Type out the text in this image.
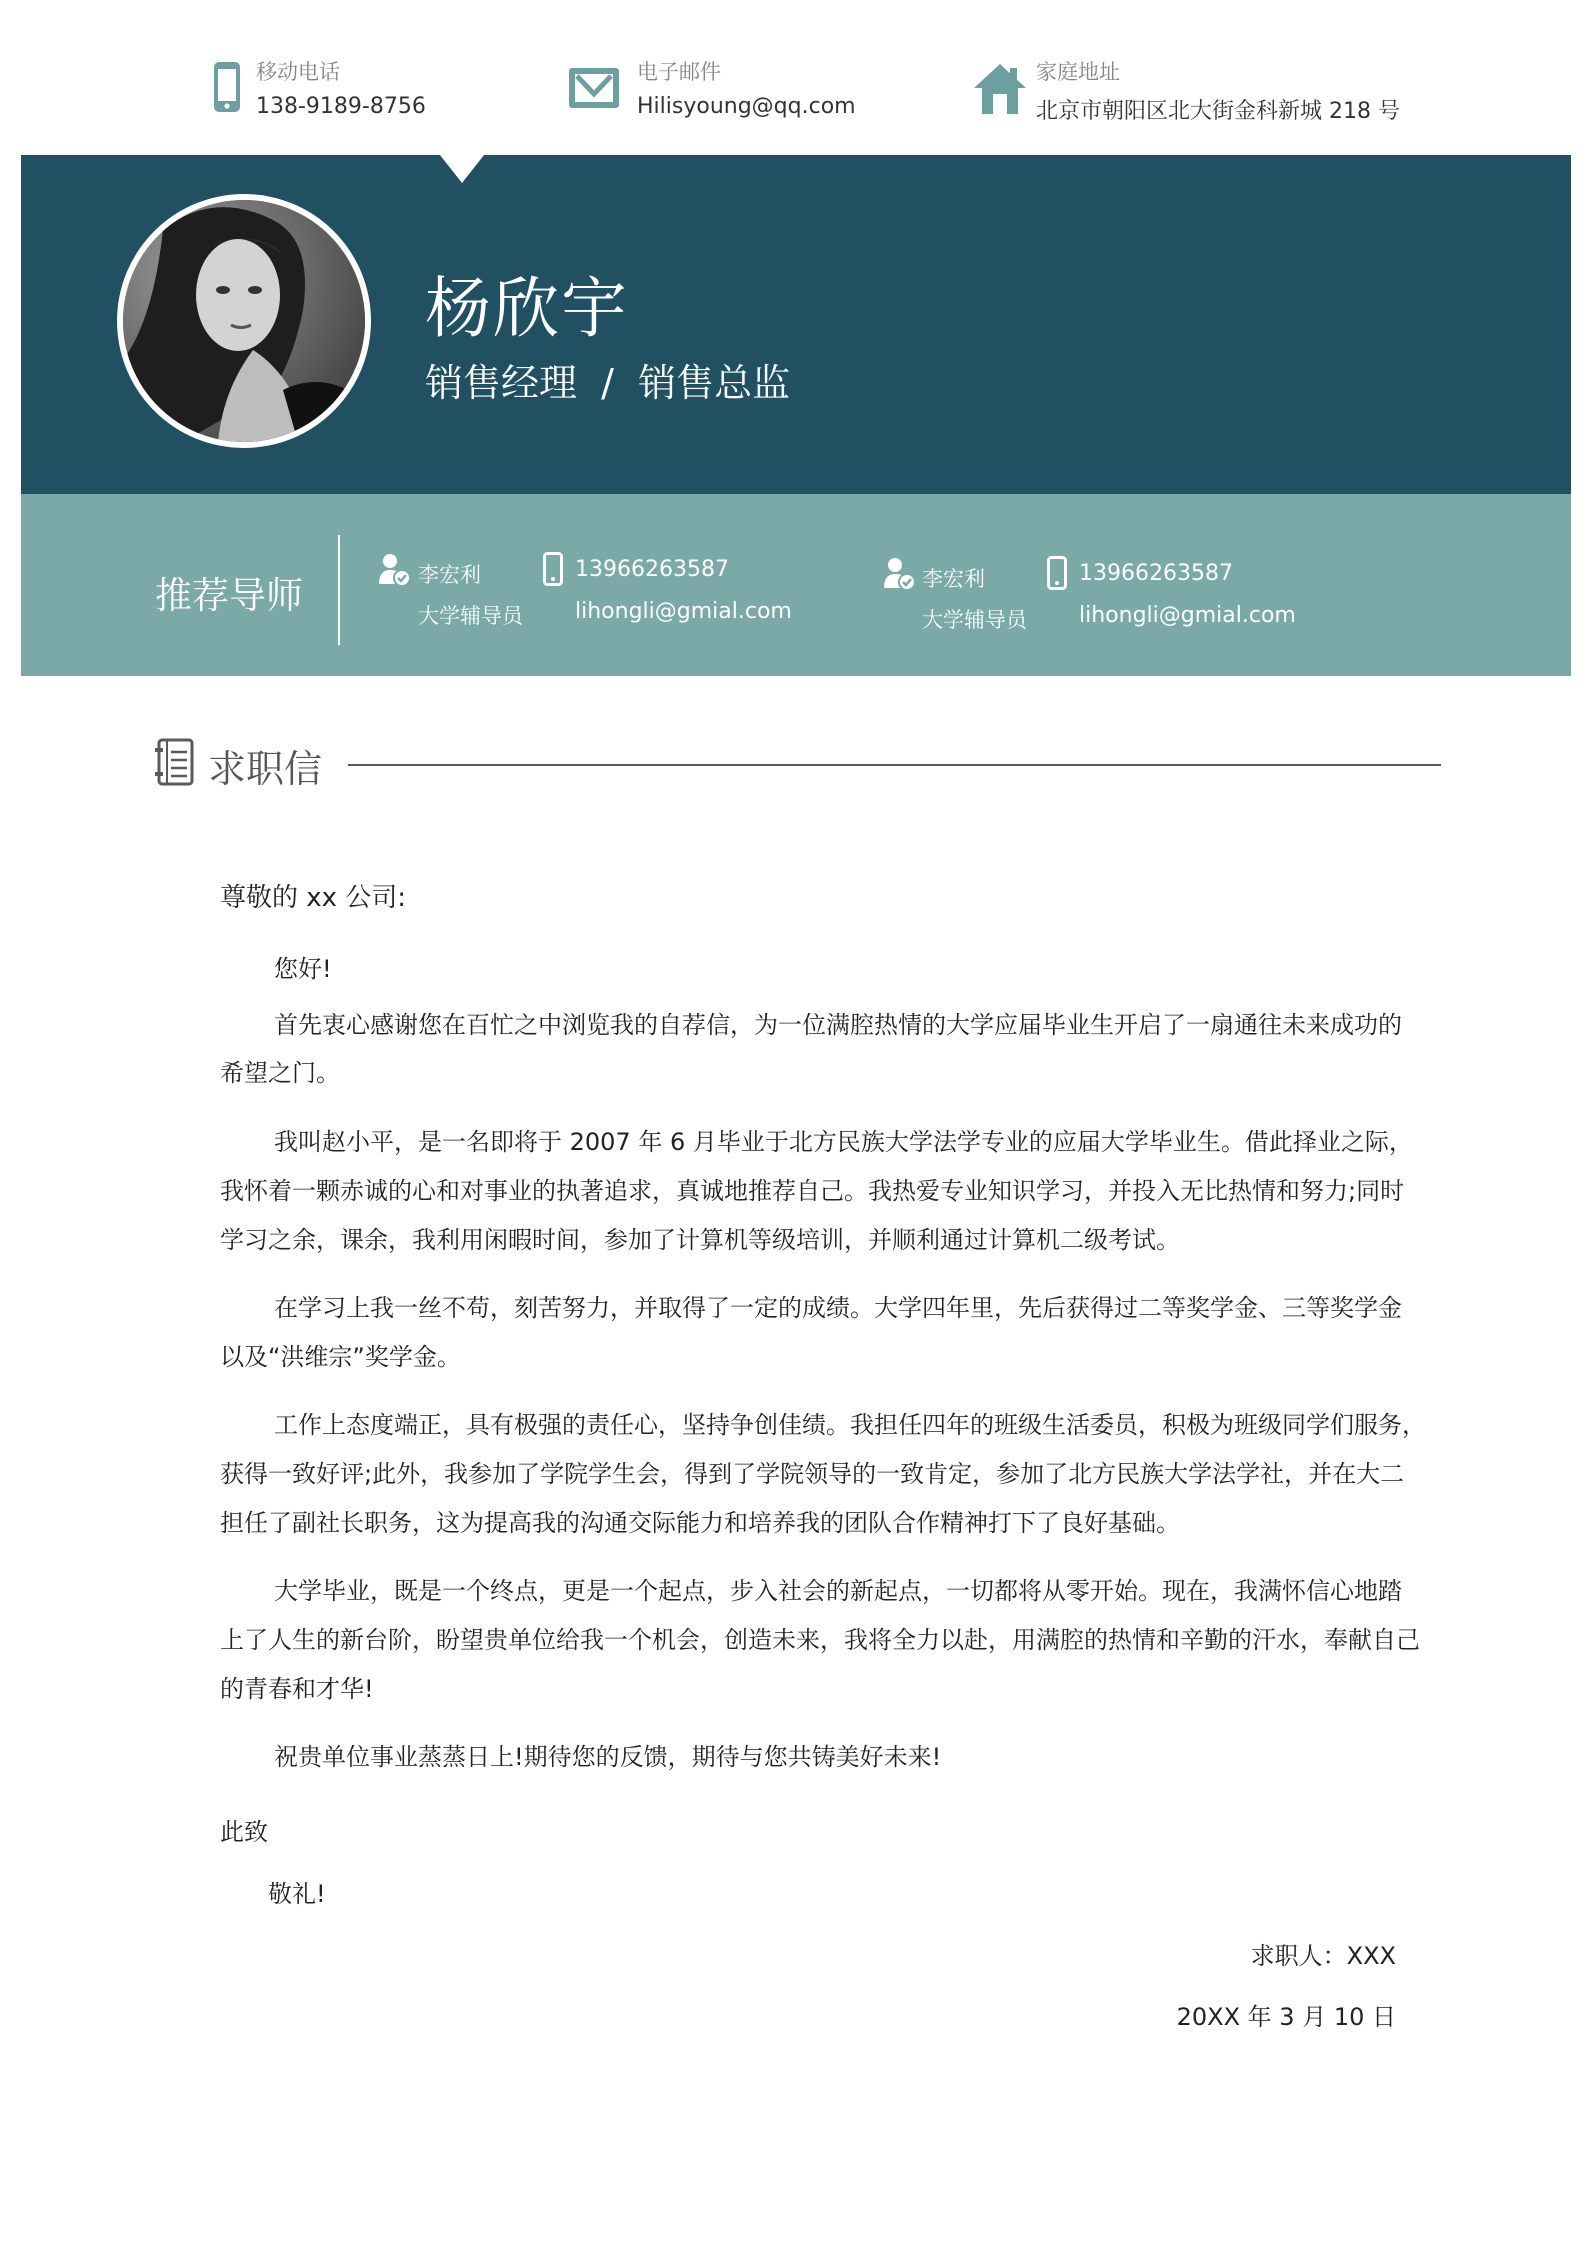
移动电话
138-9189-8756
电子邮件
Hilisyoung@qq.com
家庭地址
北京市朝阳区北大街金科新城 218 号
杨欣宇
销售经理  /  销售总监
推荐导师	李宏利
大学辅导员
13966263587
lihongli@gmial.com
李宏利
大学辅导员
13966263587
lihongli@gmial.com
求职信
尊敬的 xx 公司:
您好!
首先衷心感谢您在百忙之中浏览我的自荐信，为一位满腔热情的大学应届毕业生开启了一扇通往未来成功的
希望之门。
我叫赵小平，是一名即将于 2007 年 6 月毕业于北方民族大学法学专业的应届大学毕业生。借此择业之际，
我怀着一颗赤诚的心和对事业的执著追求，真诚地推荐自己。我热爱专业知识学习，并投入无比热情和努力;同时
学习之余，课余，我利用闲暇时间，参加了计算机等级培训，并顺利通过计算机二级考试。
在学习上我一丝不苟，刻苦努力，并取得了一定的成绩。大学四年里，先后获得过二等奖学金、三等奖学金
以及“洪维宗”奖学金。
工作上态度端正，具有极强的责任心，坚持争创佳绩。我担任四年的班级生活委员，积极为班级同学们服务，
获得一致好评;此外，我参加了学院学生会，得到了学院领导的一致肯定，参加了北方民族大学法学社，并在大二
担任了副社长职务，这为提高我的沟通交际能力和培养我的团队合作精神打下了良好基础。
大学毕业，既是一个终点，更是一个起点，步入社会的新起点，一切都将从零开始。现在，我满怀信心地踏
上了人生的新台阶，盼望贵单位给我一个机会，创造未来，我将全力以赴，用满腔的热情和辛勤的汗水，奉献自己
的青春和才华!
祝贵单位事业蒸蒸日上!期待您的反馈，期待与您共铸美好未来!
此致
敬礼!
求职人：XXX
20XX 年 3 月 10 日
